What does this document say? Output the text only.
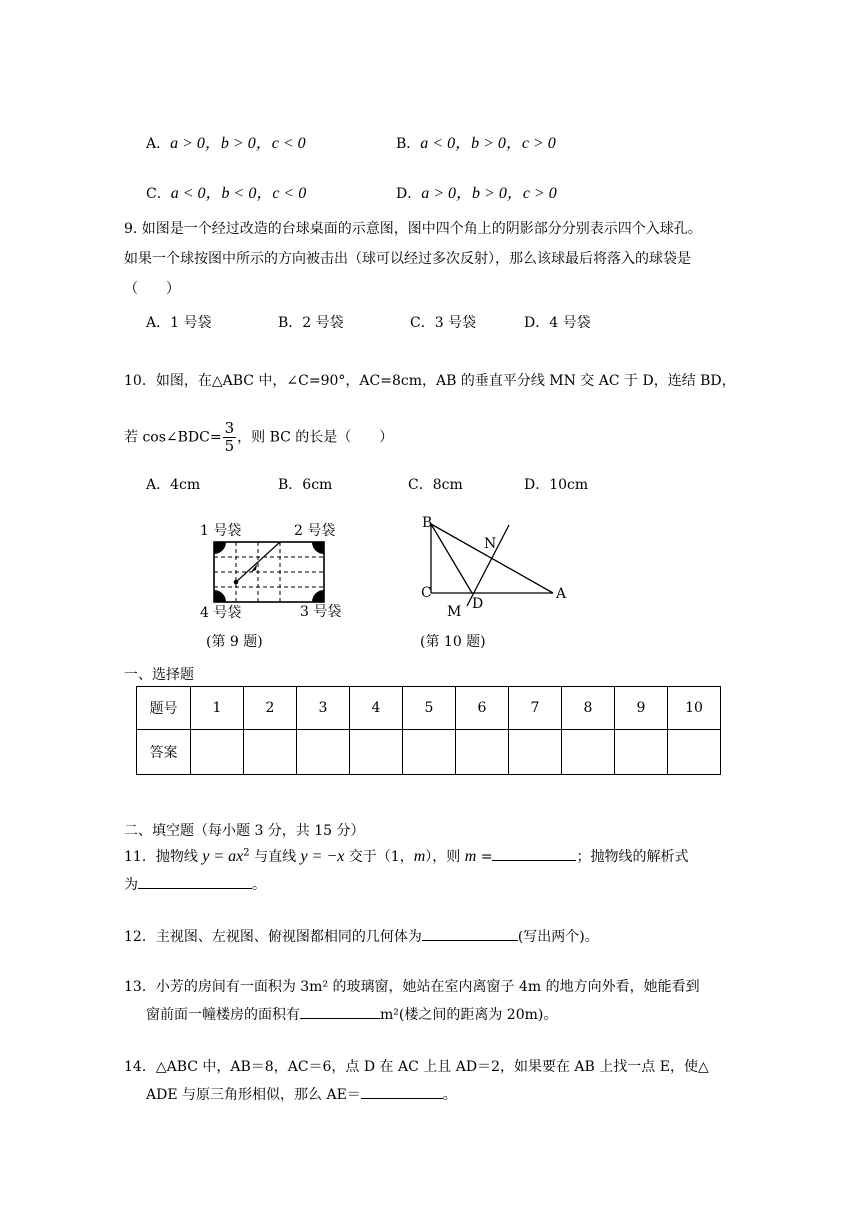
A．a > 0，b > 0，c < 0	B．a < 0，b > 0，c > 0
C．a < 0，b < 0，c < 0	D．a > 0，b > 0，c > 0
9. 如图是一个经过改造的台球桌面的示意图，图中四个角上的阴影部分分别表示四个入球孔。
如果一个球按图中所示的方向被击出（球可以经过多次反射），那么该球最后将落入的球袋是
（　　）
A．1 号袋	B．2 号袋	C．3 号袋	D．4 号袋
10．如图，在△ABC 中，∠C=90°，AC=8cm，AB 的垂直平分线 MN 交 AC 于 D，连结 BD，
若 cos∠BDC= $\frac{3}{5}$ ，则 BC 的长是（　　）
A．4cm	B．6cm	C．8cm	D．10cm
1 号袋	2 号袋
4 号袋	3 号袋
(第 9 题)
B
N
C
D
A
M
(第 10 题)
一、选择题
题号	1	2	3	4	5	6	7	8	9	10
答案										
二、填空题（每小题 3 分，共 15 分）
11．抛物线 $y = ax^2$ 与直线 y = −x 交于（1，m），则 m =	；抛物线的解析式
为	。
12．主视图、左视图、俯视图都相同的几何体为	(写出两个)。
13．小芳的房间有一面积为 3m² 的玻璃窗，她站在室内离窗子 4m 的地方向外看，她能看到
窗前面一幢楼房的面积有	m²(楼之间的距离为 20m)。
14．△ABC 中，AB＝8，AC＝6，点 D 在 AC 上且 AD＝2，如果要在 AB 上找一点 E，使△
ADE 与原三角形相似，那么 AE＝	。
